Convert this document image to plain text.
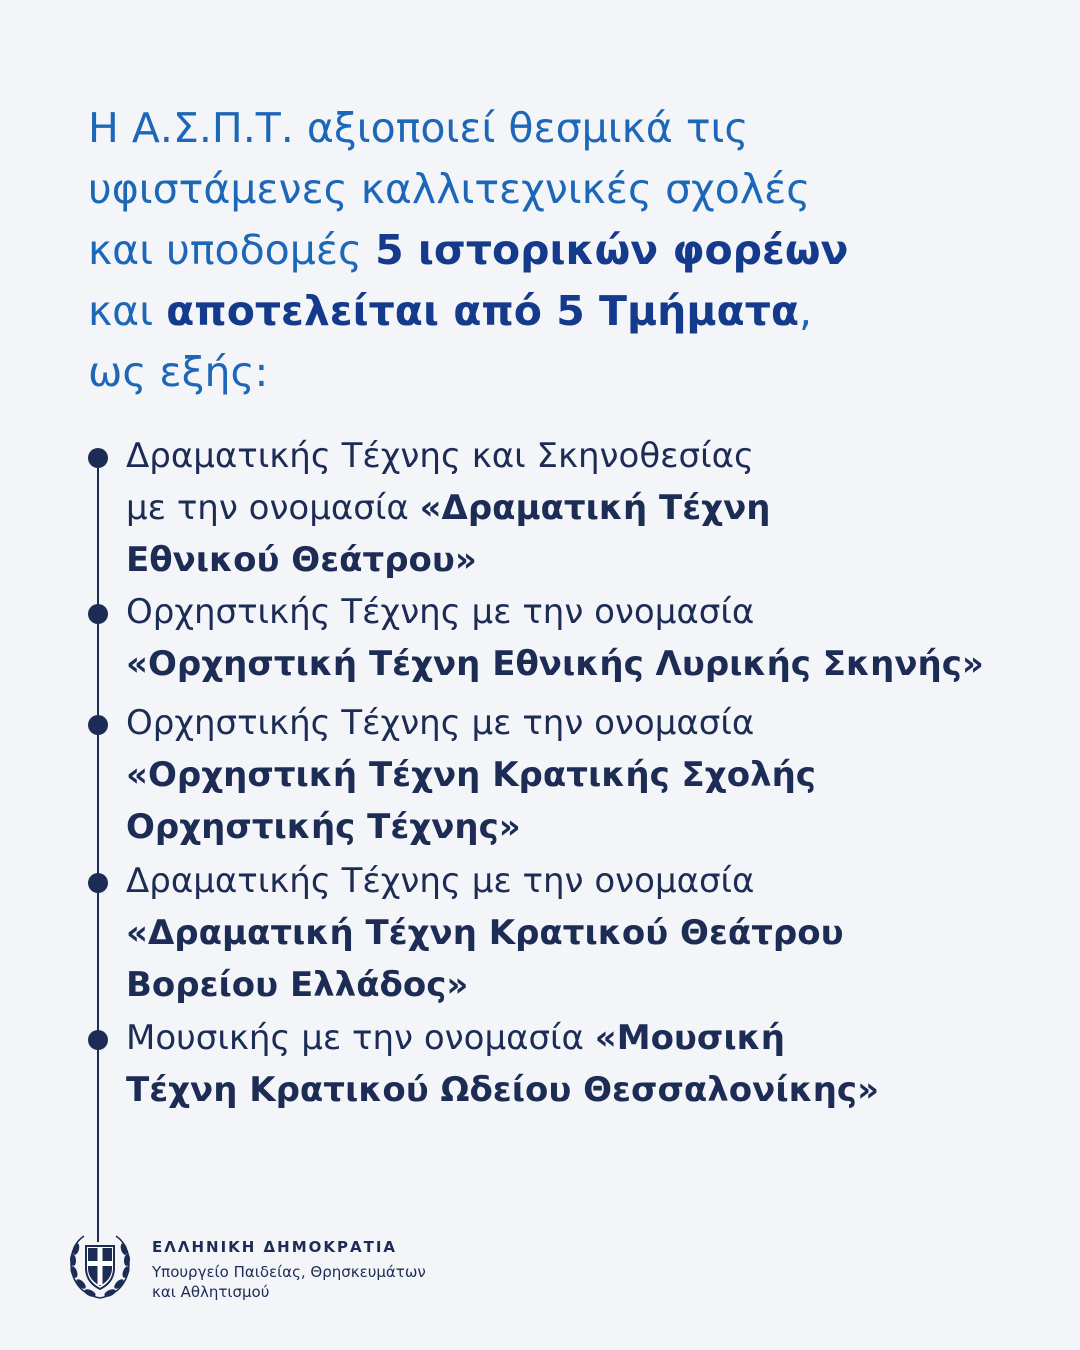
Η Α.Σ.Π.Τ. αξιοποιεί θεσμικά τις
υφιστάμενες καλλιτεχνικές σχολές
και υποδομές 5 ιστορικών φορέων
και αποτελείται από 5 Τμήματα,
ως εξής:
Δραματικής Τέχνης και Σκηνοθεσίας
με την ονομασία «Δραματική Τέχνη
Εθνικού Θεάτρου»
Ορχηστικής Τέχνης με την ονομασία
«Ορχηστική Τέχνη Εθνικής Λυρικής Σκηνής»
Ορχηστικής Τέχνης με την ονομασία
«Ορχηστική Τέχνη Κρατικής Σχολής
Ορχηστικής Τέχνης»
Δραματικής Τέχνης με την ονομασία
«Δραματική Τέχνη Κρατικού Θεάτρου
Βορείου Ελλάδος»
Μουσικής με την ονομασία «Μουσική
Τέχνη Κρατικού Ωδείου Θεσσαλονίκης»
ΕΛΛΗΝΙΚΗ ΔΗΜΟΚΡΑΤΙΑ
Υπουργείο Παιδείας, Θρησκευμάτων
και Αθλητισμού
